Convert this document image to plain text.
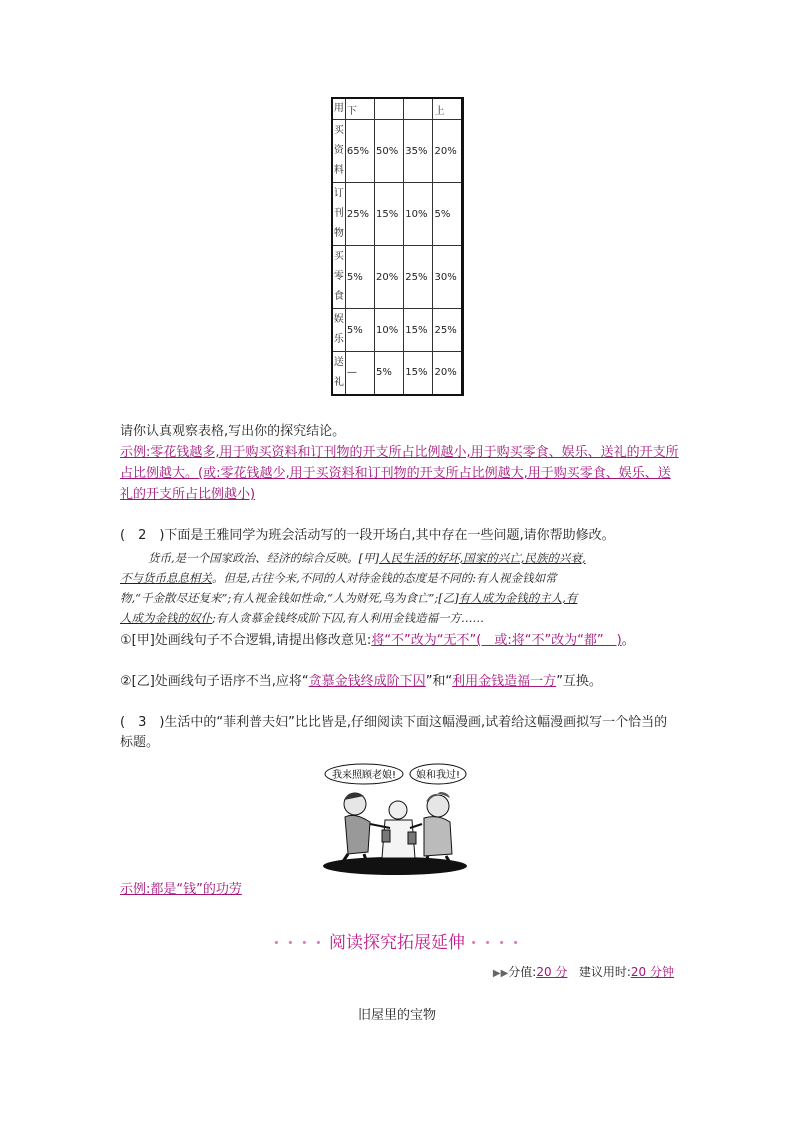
用	下			上
买资料	65%	50%	35%	20%
订刊物	25%	15%	10%	5%
买零食	5%	20%	25%	30%
娱乐	5%	10%	15%	25%
送礼	—	5%	15%	20%
请你认真观察表格,写出你的探究结论。
示例:零花钱越多,用于购买资料和订刊物的开支所占比例越小,用于购买零食、娱乐、送礼的开支所占比例越大。(或:零花钱越少,用于买资料和订刊物的开支所占比例越大,用于购买零食、娱乐、送礼的开支所占比例越小)
(　2　)下面是王雅同学为班会活动写的一段开场白,其中存在一些问题,请你帮助修改。
货币,是一个国家政治、经济的综合反映。[甲]人民生活的好坏,国家的兴亡,民族的兴衰,
不与货币息息相关。但是,古往今来,不同的人对待金钱的态度是不同的:有人视金钱如常
物,“千金散尽还复来”;有人视金钱如性命,“人为财死,鸟为食亡”;[乙]有人成为金钱的主人,有
人成为金钱的奴仆;有人贪慕金钱终成阶下囚,有人利用金钱造福一方……
①[甲]处画线句子不合逻辑,请提出修改意见:将“不”改为“无不”(　或:将“不”改为“都”　)。
②[乙]处画线句子语序不当,应将“贪慕金钱终成阶下囚”和“利用金钱造福一方”互换。
(　3　)生活中的“菲利普夫妇”比比皆是,仔细阅读下面这幅漫画,试着给这幅漫画拟写一个恰当的标题。
我来照顾老娘! 娘和我过!
示例:都是“钱”的功劳
• • • • 阅读探究拓展延伸 • • • •
▶▶分值:20 分 建议用时:20 分钟
旧屋里的宝物
